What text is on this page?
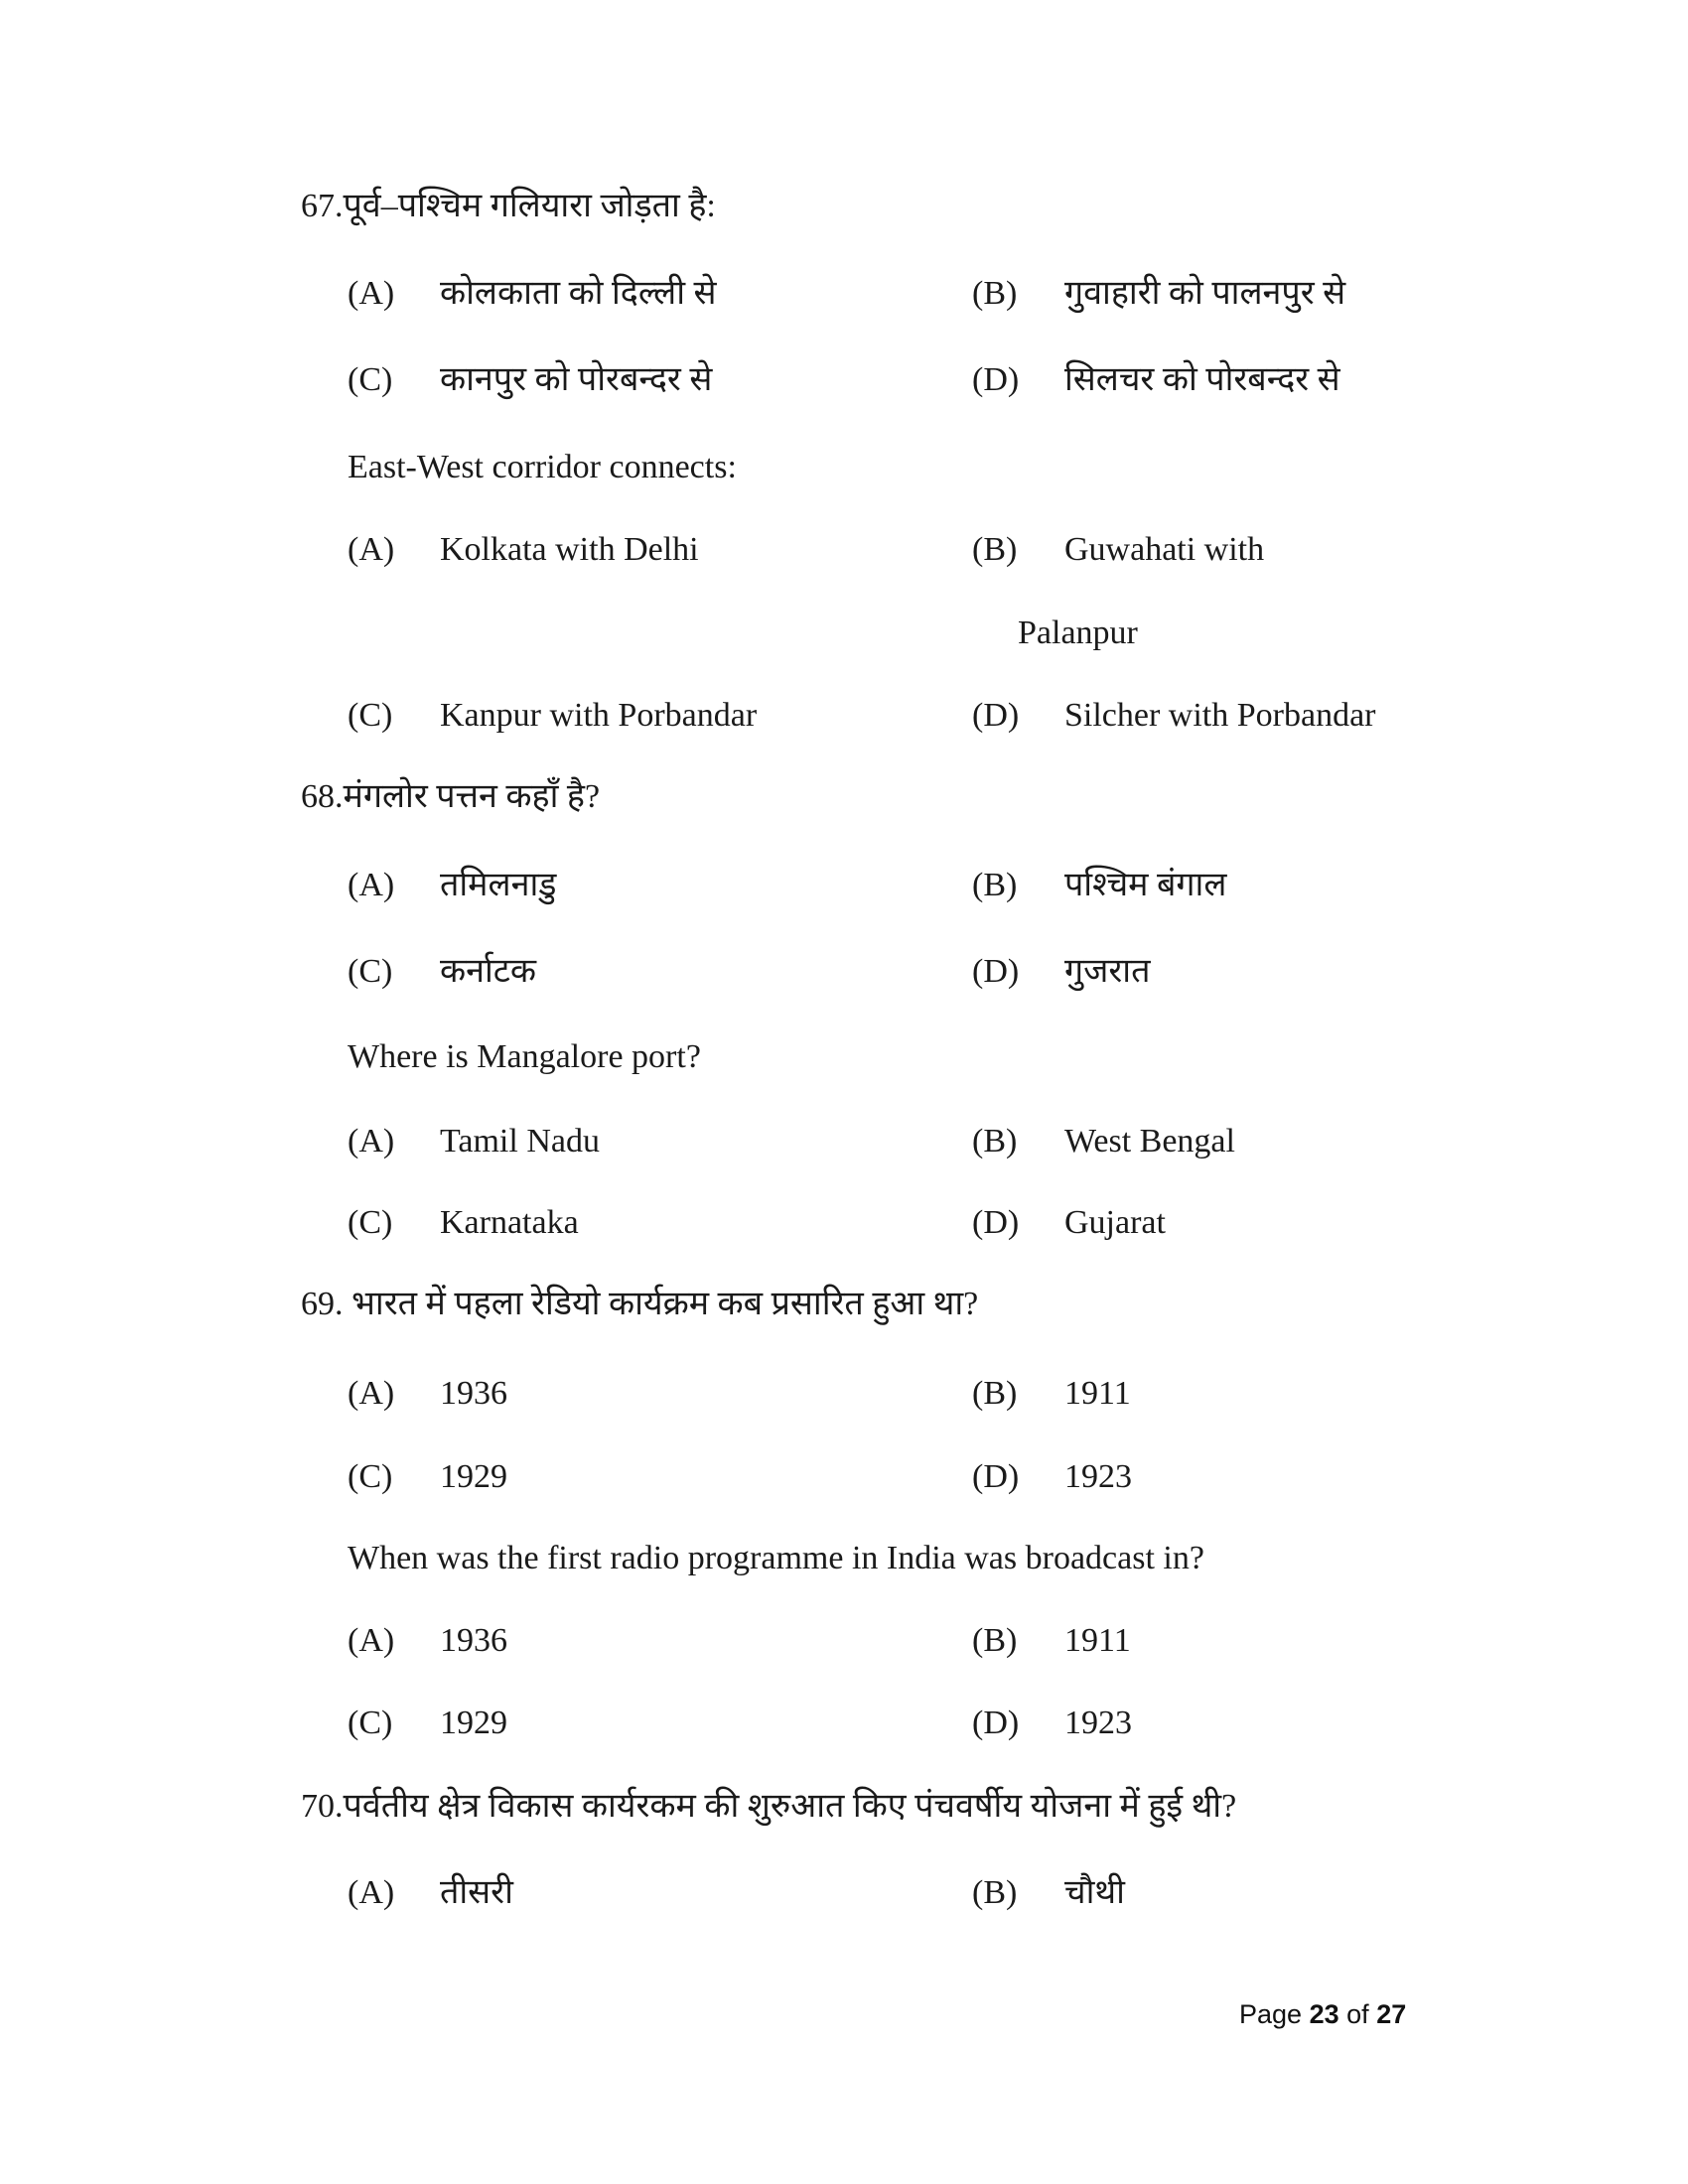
67.पूर्व–पश्चिम गलियारा जोड़ता है:
(A) कोलकाता को दिल्ली से	(B) गुवाहारी को पालनपुर से
(C) कानपुर को पोरबन्दर से	(D) सिलचर को पोरबन्दर से
East-West corridor connects:
(A) Kolkata with Delhi	(B) Guwahati with
Palanpur
(C) Kanpur with Porbandar	(D) Silcher with Porbandar
68.मंगलोर पत्तन कहाँ है?
(A) तमिलनाडु	(B) पश्चिम बंगाल
(C) कर्नाटक	(D) गुजरात
Where is Mangalore port?
(A) Tamil Nadu	(B) West Bengal
(C) Karnataka	(D) Gujarat
69. भारत में पहला रेडियो कार्यक्रम कब प्रसारित हुआ था?
(A) 1936	(B) 1911
(C) 1929	(D) 1923
When was the first radio programme in India was broadcast in?
(A) 1936	(B) 1911
(C) 1929	(D) 1923
70.पर्वतीय क्षेत्र विकास कार्यरकम की शुरुआत किए पंचवर्षीय योजना में हुई थी?
(A) तीसरी	(B) चौथी
Page 23 of 27
